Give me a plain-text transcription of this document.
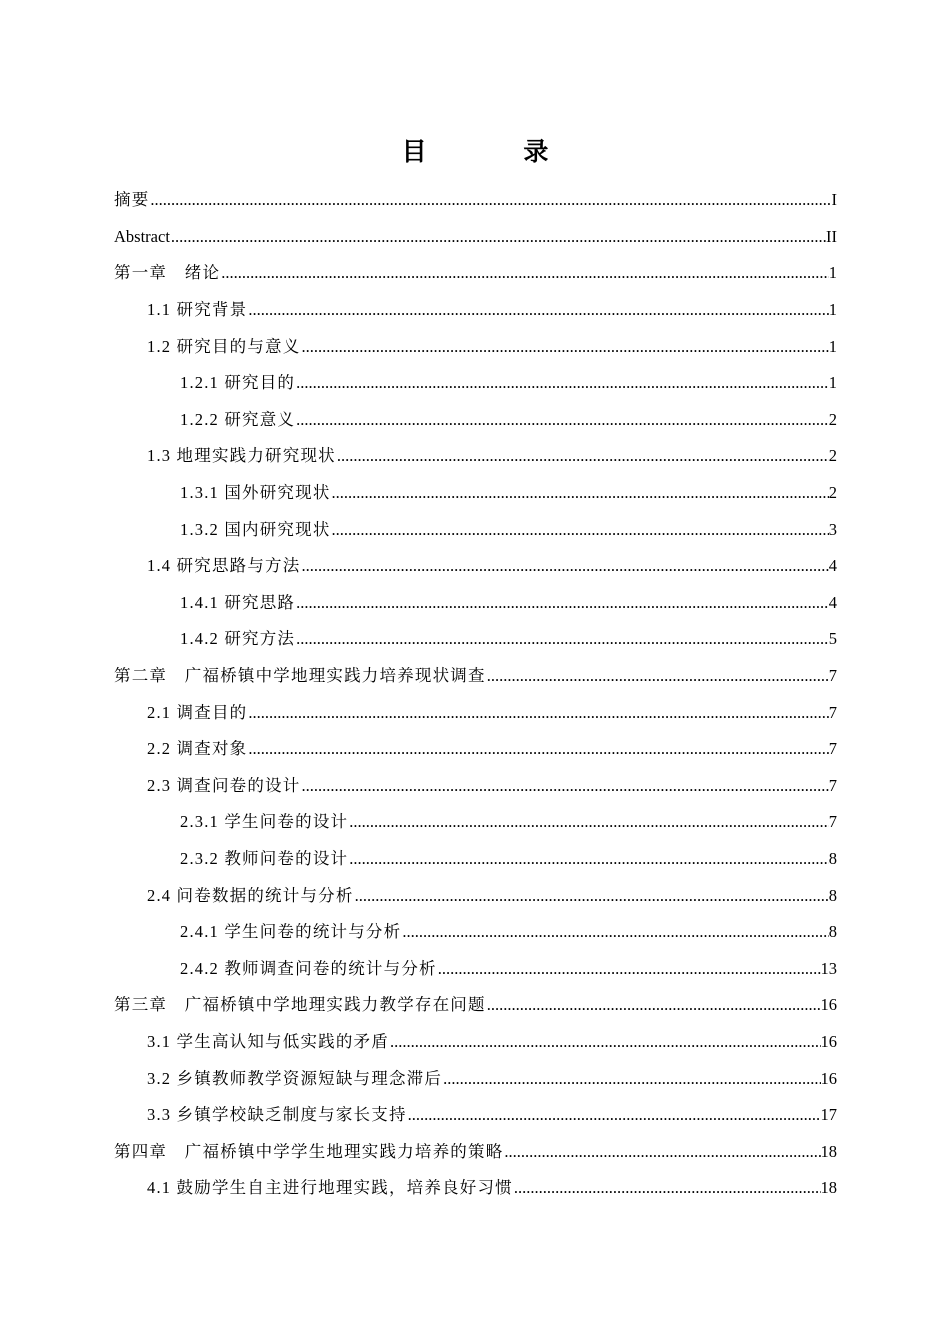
目 录
摘要 .....	I
Abstract .....	II
第一章　绪论 .....	1
1.1 研究背景 .....	1
1.2 研究目的与意义 .....	1
1.2.1 研究目的 .....	1
1.2.2 研究意义 .....	2
1.3 地理实践力研究现状 .....	2
1.3.1 国外研究现状 .....	2
1.3.2 国内研究现状 .....	3
1.4 研究思路与方法 .....	4
1.4.1 研究思路 .....	4
1.4.2 研究方法 .....	5
第二章　广福桥镇中学地理实践力培养现状调查 .....	7
2.1 调查目的 .....	7
2.2 调查对象 .....	7
2.3 调查问卷的设计 .....	7
2.3.1 学生问卷的设计 .....	7
2.3.2 教师问卷的设计 .....	8
2.4 问卷数据的统计与分析 .....	8
2.4.1 学生问卷的统计与分析 .....	8
2.4.2 教师调查问卷的统计与分析 .....	13
第三章　广福桥镇中学地理实践力教学存在问题 .....	16
3.1 学生高认知与低实践的矛盾 .....	16
3.2 乡镇教师教学资源短缺与理念滞后 .....	16
3.3 乡镇学校缺乏制度与家长支持 .....	17
第四章　广福桥镇中学学生地理实践力培养的策略 .....	18
4.1 鼓励学生自主进行地理实践，培养良好习惯 .....	18
